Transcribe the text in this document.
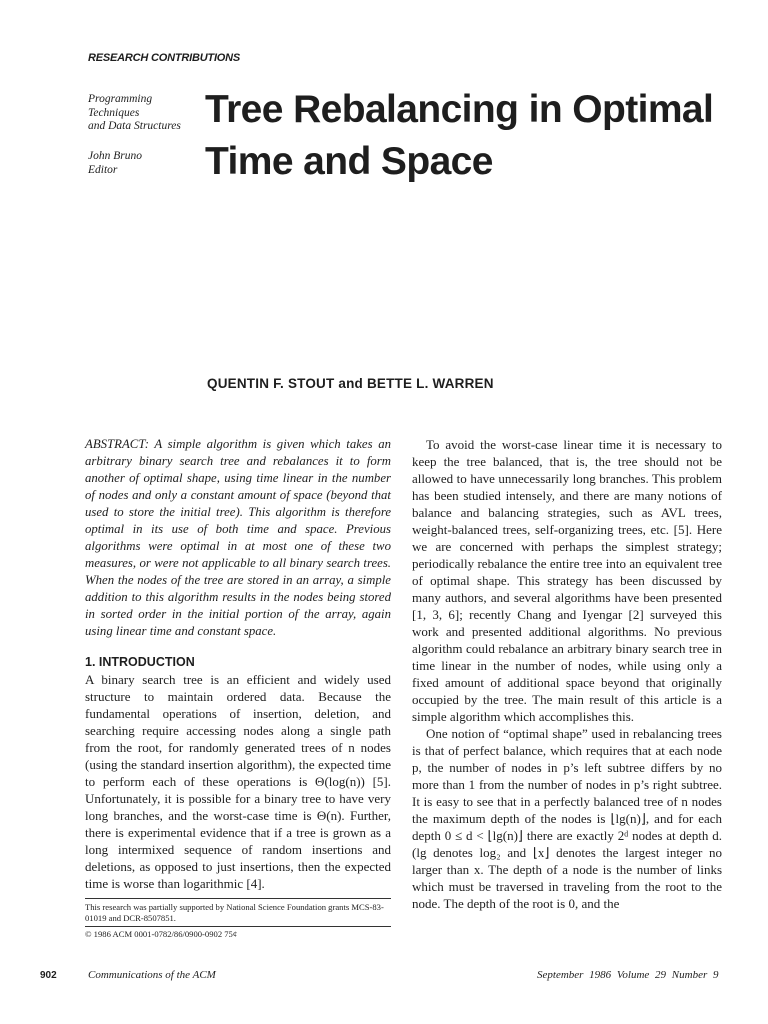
RESEARCH CONTRIBUTIONS
Programming
Techniques
and Data Structures
John Bruno
Editor
Tree Rebalancing in Optimal
Time and Space
QUENTIN F. STOUT and BETTE L. WARREN

ABSTRACT: A simple algorithm is given which takes an arbitrary binary search tree and rebalances it to form another of optimal shape, using time linear in the number of nodes and only a constant amount of space (beyond that used to store the initial tree). This algorithm is therefore optimal in its use of both time and space. Previous algorithms were optimal in at most one of these two measures, or were not applicable to all binary search trees. When the nodes of the tree are stored in an array, a simple addition to this algorithm results in the nodes being stored in sorted order in the initial portion of the array, again using linear time and constant space.

1. INTRODUCTION

A binary search tree is an efficient and widely used structure to maintain ordered data. Because the fundamental operations of insertion, deletion, and searching require accessing nodes along a single path from the root, for randomly generated trees of n nodes (using the standard insertion algorithm), the expected time to perform each of these operations is Θ(log(n)) [5]. Unfortunately, it is possible for a binary tree to have very long branches, and the worst-case time is Θ(n). Further, there is experimental evidence that if a tree is grown as a long intermixed sequence of random insertions and deletions, as opposed to just insertions, then the expected time is worse than logarithmic [4].

This research was partially supported by National Science Foundation grants MCS-83-01019 and DCR-8507851.
© 1986 ACM 0001-0782/86/0900-0902 75¢

To avoid the worst-case linear time it is necessary to keep the tree balanced, that is, the tree should not be allowed to have unnecessarily long branches. This problem has been studied intensely, and there are many notions of balance and balancing strategies, such as AVL trees, weight-balanced trees, self-organizing trees, etc. [5]. Here we are concerned with perhaps the simplest strategy; periodically rebalance the entire tree into an equivalent tree of optimal shape. This strategy has been discussed by many authors, and several algorithms have been presented [1, 3, 6]; recently Chang and Iyengar [2] surveyed this work and presented additional algorithms. No previous algorithm could rebalance an arbitrary binary search tree in time linear in the number of nodes, while using only a fixed amount of additional space beyond that originally occupied by the tree. The main result of this article is a simple algorithm which accomplishes this.

One notion of “optimal shape” used in rebalancing trees is that of perfect balance, which requires that at each node p, the number of nodes in p’s left subtree differs by no more than 1 from the number of nodes in p’s right subtree. It is easy to see that in a perfectly balanced tree of n nodes the maximum depth of the nodes is ⌊lg(n)⌋, and for each depth 0 ≤ d < ⌊lg(n)⌋ there are exactly 2ᵈ nodes at depth d. (lg denotes log₂ and ⌊x⌋ denotes the largest integer no larger than x. The depth of a node is the number of links which must be traversed in traveling from the root to the node. The depth of the root is 0, and the

902	Communications of the ACM	September 1986 Volume 29 Number 9
